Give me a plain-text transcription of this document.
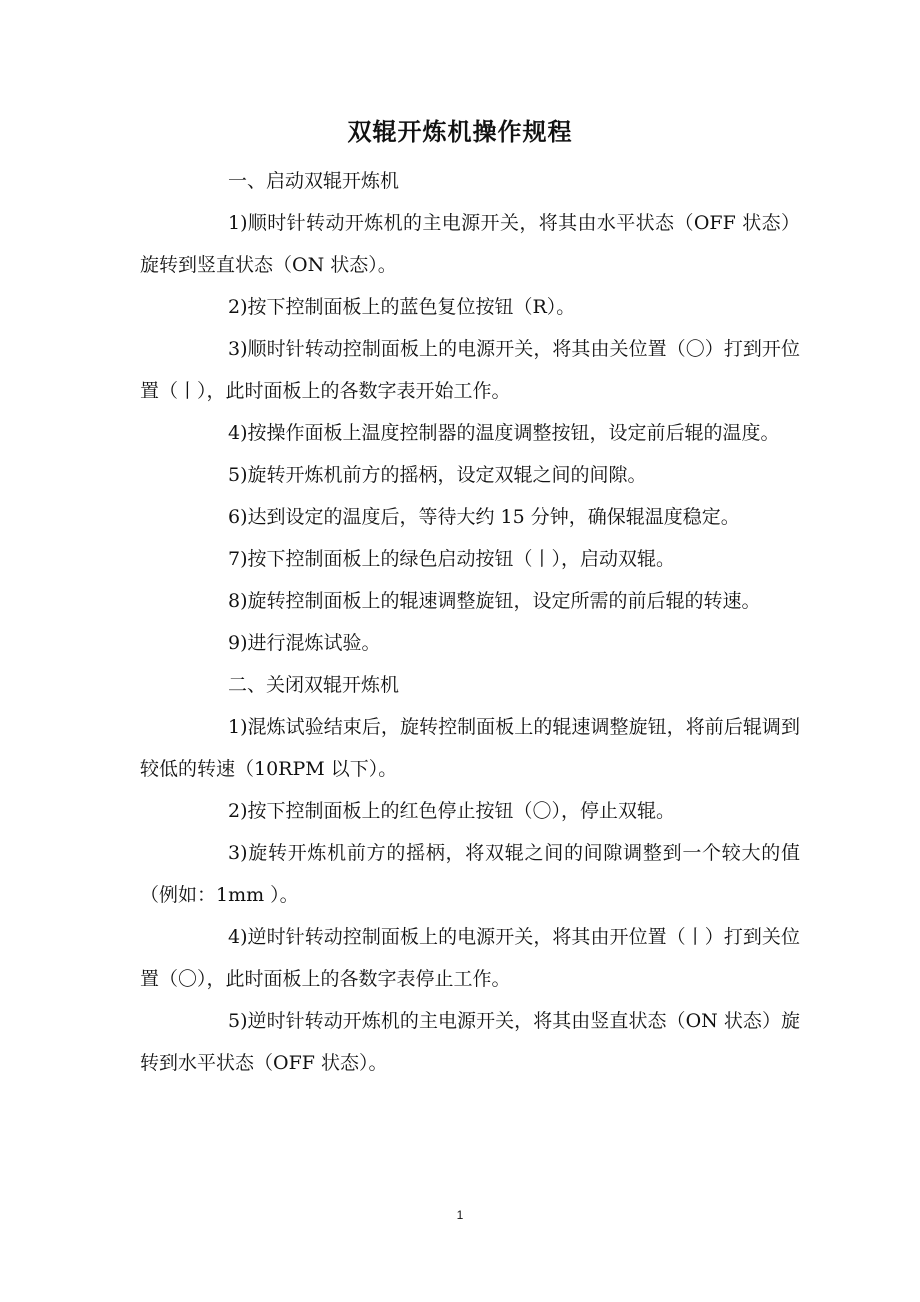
双辊开炼机操作规程

一、启动双辊开炼机

1)顺时针转动开炼机的主电源开关，将其由水平状态（OFF 状态）旋转到竖直状态（ON 状态）。

2)按下控制面板上的蓝色复位按钮（R）。

3)顺时针转动控制面板上的电源开关，将其由关位置（〇）打到开位置（丨），此时面板上的各数字表开始工作。

4)按操作面板上温度控制器的温度调整按钮，设定前后辊的温度。

5)旋转开炼机前方的摇柄，设定双辊之间的间隙。

6)达到设定的温度后，等待大约 15 分钟，确保辊温度稳定。

7)按下控制面板上的绿色启动按钮（丨），启动双辊。

8)旋转控制面板上的辊速调整旋钮，设定所需的前后辊的转速。

9)进行混炼试验。

二、关闭双辊开炼机

1)混炼试验结束后，旋转控制面板上的辊速调整旋钮，将前后辊调到较低的转速（10RPM 以下）。

2)按下控制面板上的红色停止按钮（〇），停止双辊。

3)旋转开炼机前方的摇柄，将双辊之间的间隙调整到一个较大的值（例如：1mm ）。

4)逆时针转动控制面板上的电源开关，将其由开位置（丨）打到关位置（〇），此时面板上的各数字表停止工作。

5)逆时针转动开炼机的主电源开关，将其由竖直状态（ON 状态）旋转到水平状态（OFF 状态）。

1
